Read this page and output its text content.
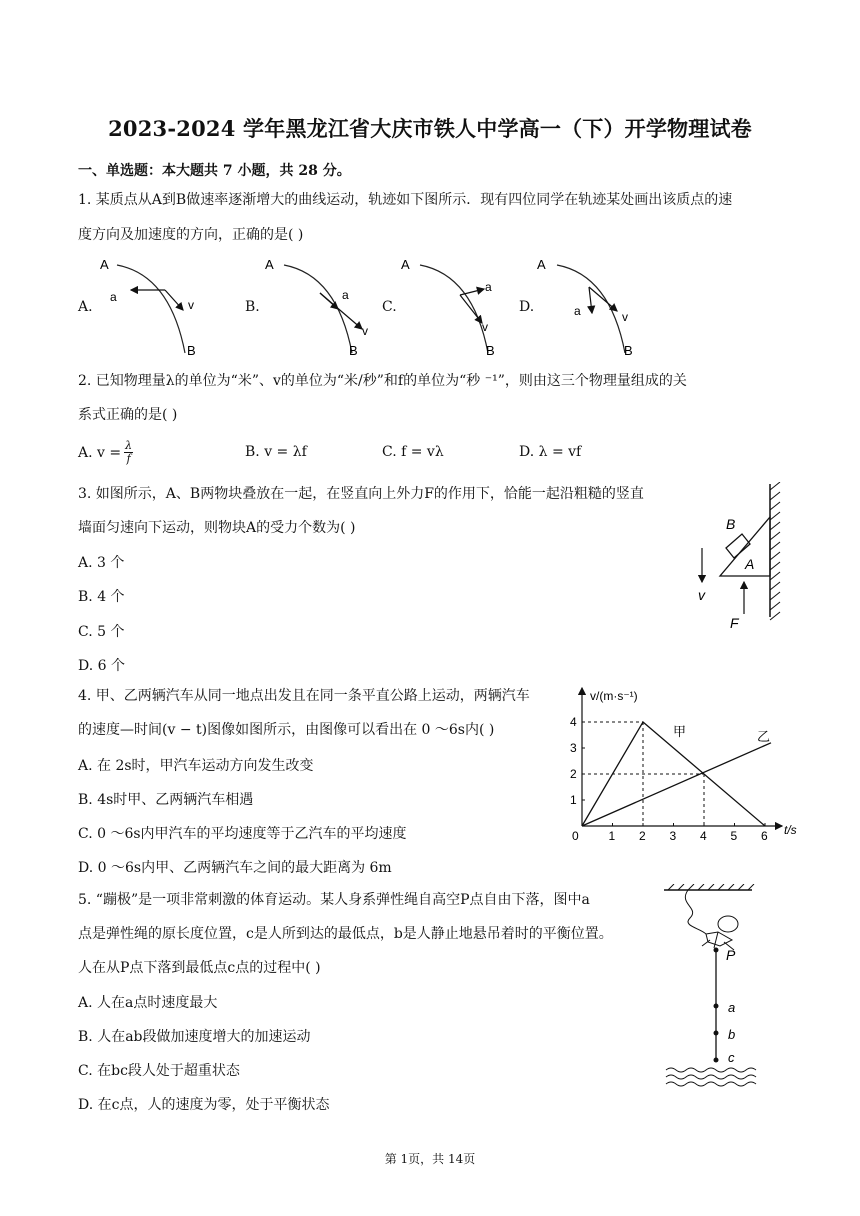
2023-2024 学年黑龙江省大庆市铁人中学高一（下）开学物理试卷
一、单选题：本大题共 7 小题，共 28 分。
1. 某质点从A到B做速率逐渐增大的曲线运动，轨迹如下图所示．现有四位同学在轨迹某处画出该质点的速
度方向及加速度的方向，正确的是( )
A.	B.	C.	D.
A
B
a
v
A
B
a
v
A
B
a
v
A
B
a	v
2. 已知物理量λ的单位为“米”、v的单位为“米/秒”和f的单位为“秒 ⁻¹”，则由这三个物理量组成的关
系式正确的是( )
A. $v = \frac{\lambda}{f}$	B. v = λf	C. f = vλ	D. λ = vf
3. 如图所示，A、B两物块叠放在一起，在竖直向上外力F的作用下，恰能一起沿粗糙的竖直
墙面匀速向下运动，则物块A的受力个数为( )
A. 3 个
B. 4 个
C. 5 个
D. 6 个
B
A
v
F
4. 甲、乙两辆汽车从同一地点出发且在同一条平直公路上运动，两辆汽车
的速度—时间(v − t)图像如图所示，由图像可以看出在 0 ～6s内( )
A. 在 2s时，甲汽车运动方向发生改变
B. 4s时甲、乙两辆汽车相遇
C. 0 ～6s内甲汽车的平均速度等于乙汽车的平均速度
D. 0 ～6s内甲、乙两辆汽车之间的最大距离为 6m
v/(m·s⁻¹)
t/s
0 1 2 3 4 5 6
1
2
3
4
甲	乙
5. “蹦极”是一项非常刺激的体育运动。某人身系弹性绳自高空P点自由下落，图中a
点是弹性绳的原长度位置，c是人所到达的最低点，b是人静止地悬吊着时的平衡位置。
人在从P点下落到最低点c点的过程中( )
A. 人在a点时速度最大
B. 人在ab段做加速度增大的加速运动
C. 在bc段人处于超重状态
D. 在c点，人的速度为零，处于平衡状态
P
a
b
c
第 1页，共 14页
